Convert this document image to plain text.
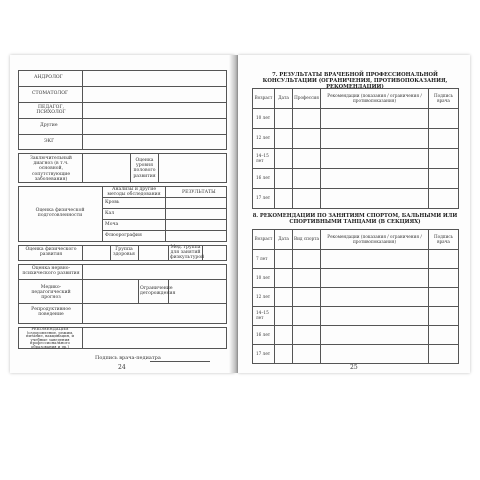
АНДРОЛОГ
СТОМАТОЛОГ
ПЕДАГОГ, ПСИХОЛОГ
Другие
ЭКГ
Заключительный диагноз (в т.ч. основной, сопутствующие заболевания)
Оценка уровня полового развития
Анализы и другие методы обследования	РЕЗУЛЬТАТЫ
Оценка физической подготовленности
Кровь
Кал
Моча
Флюорография
Оценка физического развития
Группа здоровья
Мед. группа для занятий физкультурой
Оценка нервно-психического развития
Медико-педагогический прогноз
Ограничение деторождения
Репродуктивное поведение
РЕКОМЕНДАЦИИ (оздоровление, режим, питание, вакцинация, и учебные заведения профессионального образования и др.)
Подпись врача-педиатра
24
7. РЕЗУЛЬТАТЫ ВРАЧЕБНОЙ ПРОФЕССИОНАЛЬНОЙ КОНСУЛЬТАЦИИ (ОГРАНИЧЕНИЯ, ПРОТИВОПОКАЗАНИЯ, РЕКОМЕНДАЦИИ)
Возраст	Дата	Профессия	Рекомендации (показания / ограничения / противопоказания)	Подпись врача
10 лет				
12 лет				
14–15 лет				
16 лет				
17 лет				
8. РЕКОМЕНДАЦИИ ПО ЗАНЯТИЯМ СПОРТОМ, БАЛЬНЫМИ ИЛИ СПОРТИВНЫМИ ТАНЦАМИ (В СЕКЦИЯХ)
Возраст	Дата	Вид спорта	Рекомендации (показания / ограничения / противопоказания)	Подпись врача
7 лет				
10 лет				
12 лет				
14–15 лет				
16 лет				
17 лет				
25
